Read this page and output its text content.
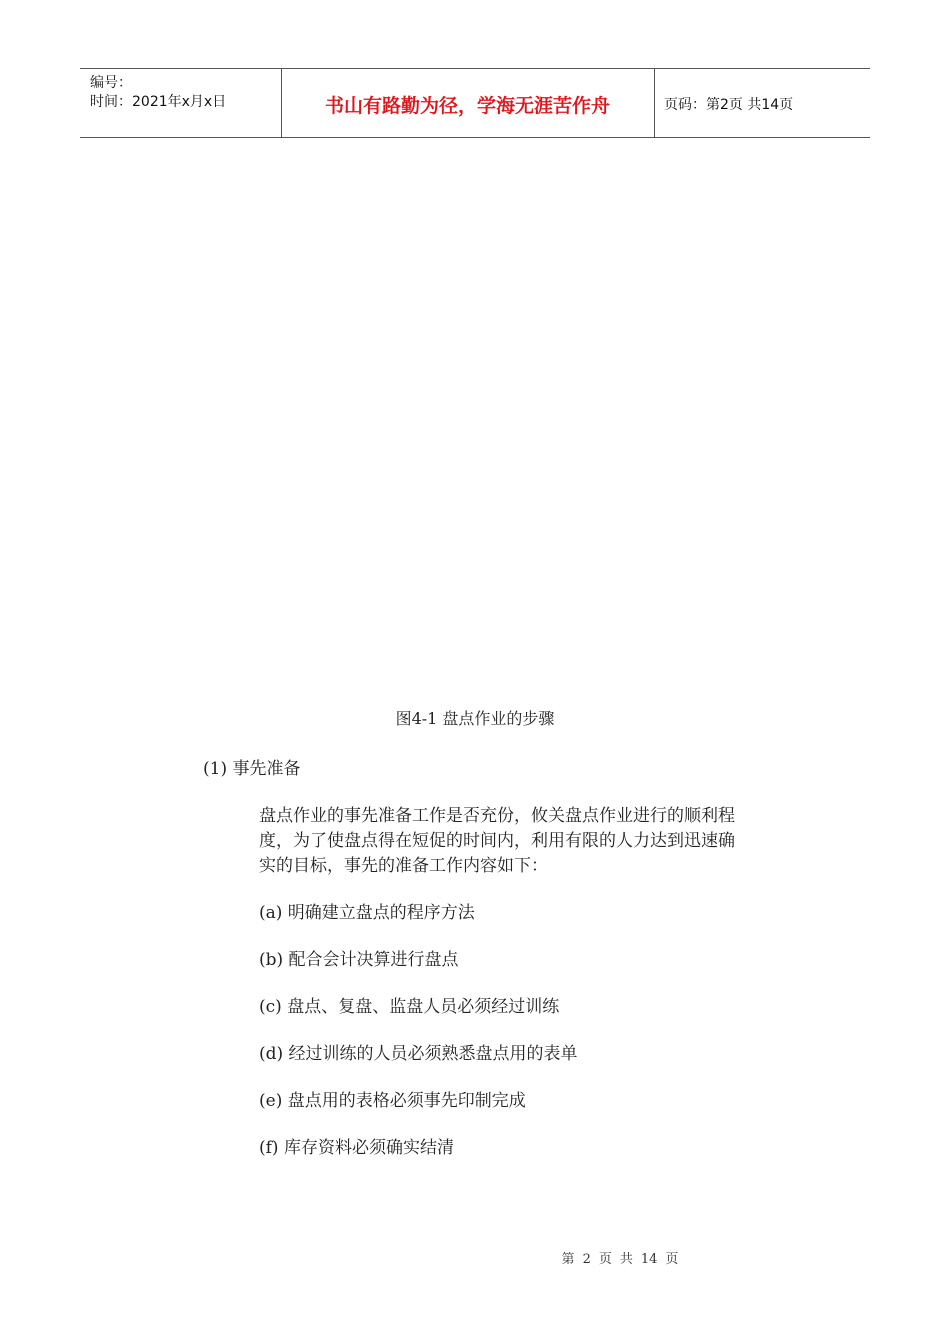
编号：
时间：2021年x月x日	书山有路勤为径，学海无涯苦作舟	页码：第2页 共14页
图4-1 盘点作业的步骤
(1) 事先准备
盘点作业的事先准备工作是否充份，攸关盘点作业进行的顺利程
度，为了使盘点得在短促的时间内，利用有限的人力达到迅速确
实的目标，事先的准备工作内容如下：
(a) 明确建立盘点的程序方法
(b) 配合会计决算进行盘点
(c) 盘点、复盘、监盘人员必须经过训练
(d) 经过训练的人员必须熟悉盘点用的表单
(e) 盘点用的表格必须事先印制完成
(f) 库存资料必须确实结清
第 2 页 共 14 页
